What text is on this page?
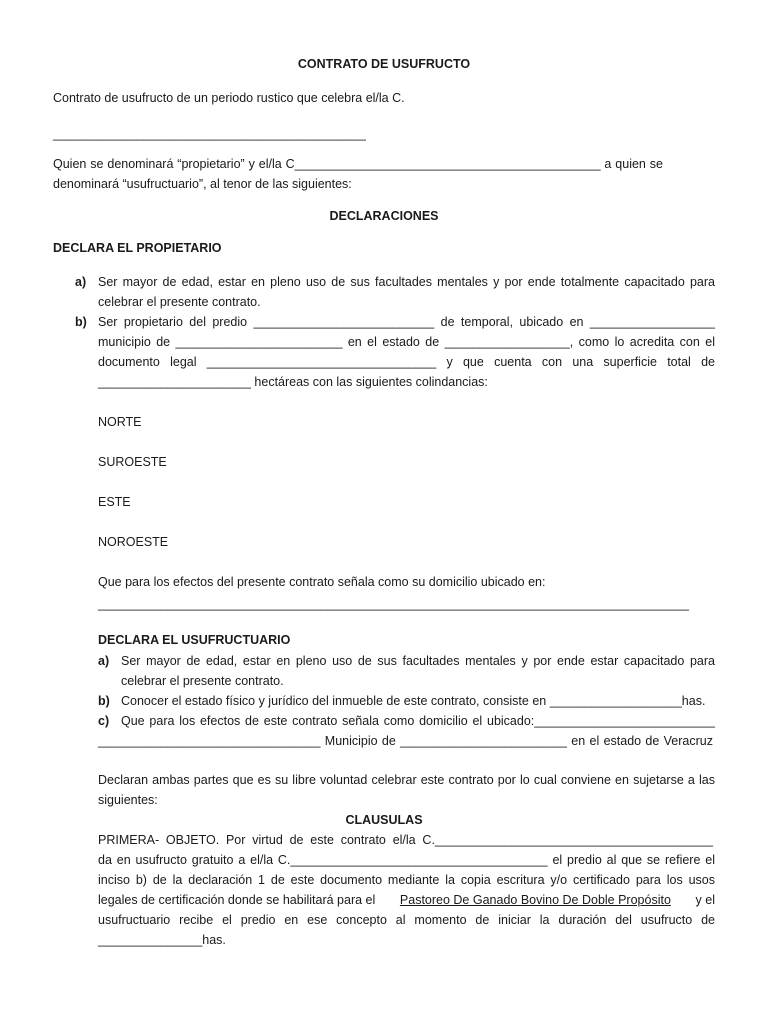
CONTRATO DE USUFRUCTO
Contrato de usufructo de un periodo rustico que celebra el/la C.
_____________________________________________
Quien se denominará “propietario” y el/la C____________________________________________ a quien se
denominará “usufructuario”, al tenor de las siguientes:
DECLARACIONES
DECLARA EL PROPIETARIO
a) Ser mayor de edad, estar en pleno uso de sus facultades mentales y por ende totalmente capacitado para
celebrar el presente contrato.
b) Ser propietario del predio __________________________ de temporal, ubicado en __________________
municipio de ________________________ en el estado de __________________, como lo acredita con el
documento legal _________________________________ y que cuenta con una superficie total de
______________________ hectáreas con las siguientes colindancias:
NORTE
SUROESTE
ESTE
NOROESTE
Que para los efectos del presente contrato señala como su domicilio ubicado en:
_____________________________________________________________________________________
DECLARA EL USUFRUCTUARIO
a) Ser mayor de edad, estar en pleno uso de sus facultades mentales y por ende estar capacitado para
celebrar el presente contrato.
b) Conocer el estado físico y jurídico del inmueble de este contrato, consiste en ___________________has.
c) Que para los efectos de este contrato señala como domicilio el ubicado:__________________________
________________________________ Municipio de ________________________ en el estado de Veracruz
Declaran ambas partes que es su libre voluntad celebrar este contrato por lo cual conviene en sujetarse a las
siguientes:
CLAUSULAS
PRIMERA- OBJETO. Por virtud de este contrato el/la C.________________________________________
da en usufructo gratuito a el/la C._____________________________________ el predio al que se refiere el
inciso b) de la declaración 1 de este documento mediante la copia escritura y/o certificado para los usos
legales de certificación donde se habilitará para el Pastoreo De Ganado Bovino De Doble Propósito y el
usufructuario recibe el predio en ese concepto al momento de iniciar la duración del usufructo de
_______________has.
